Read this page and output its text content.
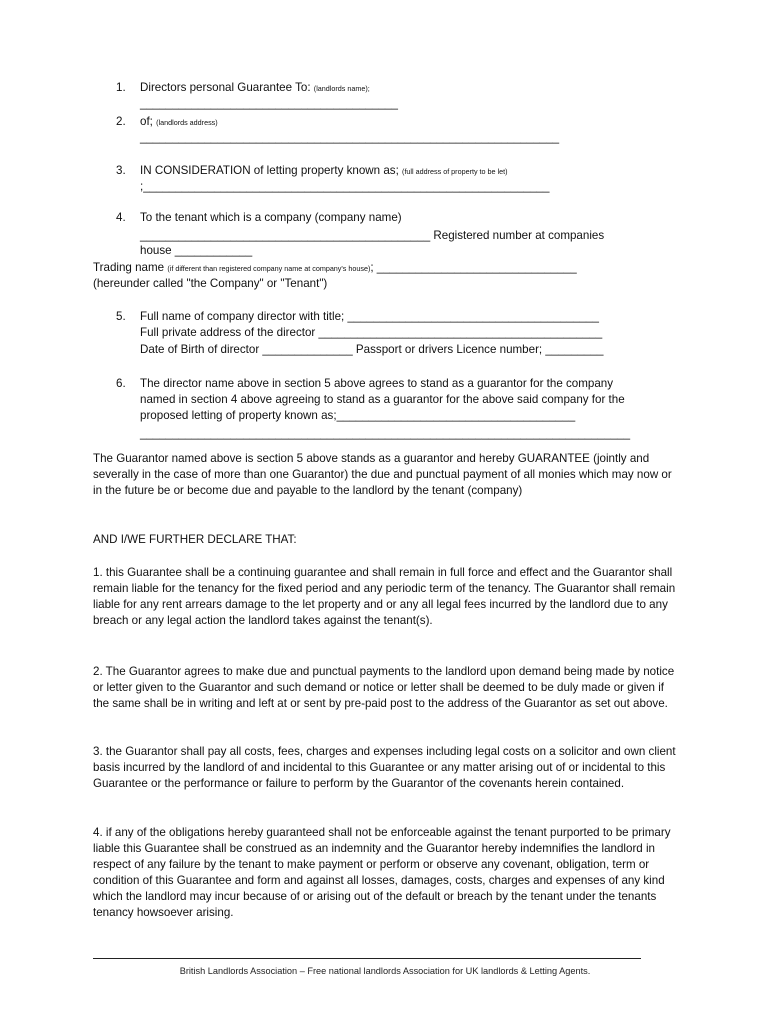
1. Directors personal Guarantee To: (landlords name);
________________________________________
2. of; (landlords address)
_________________________________________________________________
3. IN CONSIDERATION of letting property known as; (full address of property to be let)
;_______________________________________________________________
4. To the tenant which is a company (company name)
_____________________________________________ Registered number at companies
house ____________
Trading name (if different than registered company name at company's house); _______________________________
(hereunder called "the Company" or "Tenant")
5. Full name of company director with title; _______________________________________
Full private address of the director ____________________________________________
Date of Birth of director ______________ Passport or drivers Licence number; _________
6. The director name above in section 5 above agrees to stand as a guarantor for the company
named in section 4 above agreeing to stand as a guarantor for the above said company for the
proposed letting of property known as;_____________________________________
____________________________________________________________________________

The Guarantor named above is section 5 above stands as a guarantor and hereby GUARANTEE (jointly and severally in the case of more than one Guarantor) the due and punctual payment of all monies which may now or in the future be or become due and payable to the landlord by the tenant (company)

AND I/WE FURTHER DECLARE THAT:

1. this Guarantee shall be a continuing guarantee and shall remain in full force and effect and the Guarantor shall remain liable for the tenancy for the fixed period and any periodic term of the tenancy. The Guarantor shall remain liable for any rent arrears damage to the let property and or any all legal fees incurred by the landlord due to any breach or any legal action the landlord takes against the tenant(s).

2. The Guarantor agrees to make due and punctual payments to the landlord upon demand being made by notice or letter given to the Guarantor and such demand or notice or letter shall be deemed to be duly made or given if the same shall be in writing and left at or sent by pre-paid post to the address of the Guarantor as set out above.

3. the Guarantor shall pay all costs, fees, charges and expenses including legal costs on a solicitor and own client basis incurred by the landlord of and incidental to this Guarantee or any matter arising out of or incidental to this Guarantee or the performance or failure to perform by the Guarantor of the covenants herein contained.

4. if any of the obligations hereby guaranteed shall not be enforceable against the tenant purported to be primary liable this Guarantee shall be construed as an indemnity and the Guarantor hereby indemnifies the landlord in respect of any failure by the tenant to make payment or perform or observe any covenant, obligation, term or condition of this Guarantee and form and against all losses, damages, costs, charges and expenses of any kind which the landlord may incur because of or arising out of the default or breach by the tenant under the tenants tenancy howsoever arising.

British Landlords Association – Free national landlords Association for UK landlords & Letting Agents.
